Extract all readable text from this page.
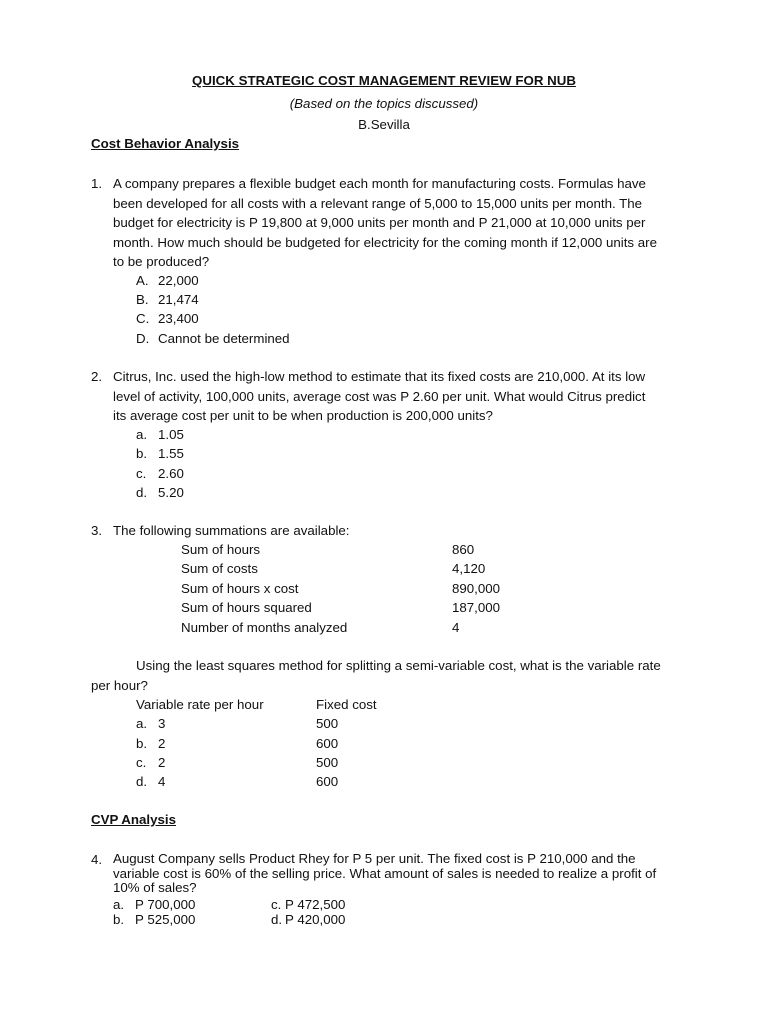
QUICK STRATEGIC COST MANAGEMENT REVIEW FOR NUB
(Based on the topics discussed)
B.Sevilla
Cost Behavior Analysis
1. A company prepares a flexible budget each month for manufacturing costs. Formulas have
been developed for all costs with a relevant range of 5,000 to 15,000 units per month. The
budget for electricity is P 19,800 at 9,000 units per month and P 21,000 at 10,000 units per
month. How much should be budgeted for electricity for the coming month if 12,000 units are
to be produced?
A. 22,000
B. 21,474
C. 23,400
D. Cannot be determined
2. Citrus, Inc. used the high-low method to estimate that its fixed costs are 210,000. At its low
level of activity, 100,000 units, average cost was P 2.60 per unit. What would Citrus predict
its average cost per unit to be when production is 200,000 units?
a. 1.05
b. 1.55
c. 2.60
d. 5.20
3. The following summations are available:
Sum of hours	860
Sum of costs	4,120
Sum of hours x cost	890,000
Sum of hours squared	187,000
Number of months analyzed	4
Using the least squares method for splitting a semi-variable cost, what is the variable rate
per hour?
Variable rate per hour	Fixed cost
a. 3	500
b. 2	600
c. 2	500
d. 4	600
CVP Analysis
4. August Company sells Product Rhey for P 5 per unit. The fixed cost is P 210,000 and the
variable cost is 60% of the selling price. What amount of sales is needed to realize a profit of
10% of sales?
a. P 700,000	c. P 472,500
b. P 525,000	d. P 420,000
